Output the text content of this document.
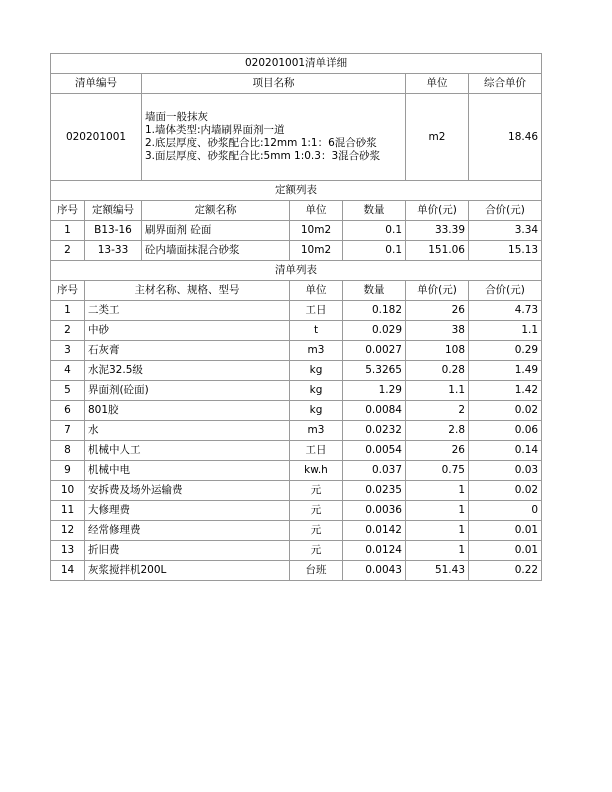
020201001清单详细						
清单编号		项目名称			单位	综合单价
020201001		墙面一般抹灰
1.墙体类型:内墙刷界面剂一道
2.底层厚度、砂浆配合比:12mm 1:1：6混合砂浆
3.面层厚度、砂浆配合比:5mm 1:0.3：3混合砂浆			m2	18.46
定额列表						
序号	定额编号	定额名称	单位	数量	单价(元)	合价(元)
1	B13-16	刷界面剂 砼面	10m2	0.1	33.39	3.34
2	13-33	砼内墙面抹混合砂浆	10m2	0.1	151.06	15.13
清单列表						
序号	主材名称、规格、型号		单位	数量	单价(元)	合价(元)
1	二类工		工日	0.182	26	4.73
2	中砂		t	0.029	38	1.1
3	石灰膏		m3	0.0027	108	0.29
4	水泥32.5级		kg	5.3265	0.28	1.49
5	界面剂(砼面)		kg	1.29	1.1	1.42
6	801胶		kg	0.0084	2	0.02
7	水		m3	0.0232	2.8	0.06
8	机械中人工		工日	0.0054	26	0.14
9	机械中电		kw.h	0.037	0.75	0.03
10	安拆费及场外运输费		元	0.0235	1	0.02
11	大修理费		元	0.0036	1	0
12	经常修理费		元	0.0142	1	0.01
13	折旧费		元	0.0124	1	0.01
14	灰浆搅拌机200L		台班	0.0043	51.43	0.22
